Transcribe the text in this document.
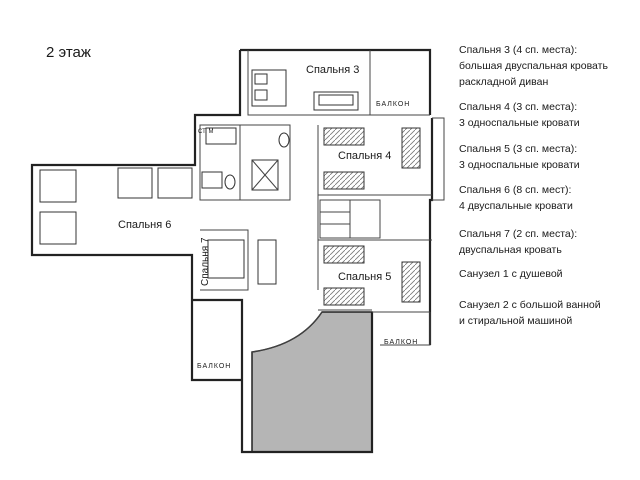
Спальня 3
Спальня 4
Спальня 5
Спальня 6
Спальня 7
БАЛКОН
БАЛКОН
БАЛКОН
СТ. М
2 этаж	Спальня 3 (4 сп. места):
большая двуспальная кровать
раскладной диван
Спальня 4 (3 сп. места):
3 односпальные кровати
Спальня 5 (3 сп. места):
3 односпальные кровати
Спальня 6 (8 сп. мест):
4 двуспальные кровати
Спальня 7 (2 сп. места):
двуспальная кровать
Санузел 1 с душевой
Санузел 2 с большой ванной
и стиральной машиной
